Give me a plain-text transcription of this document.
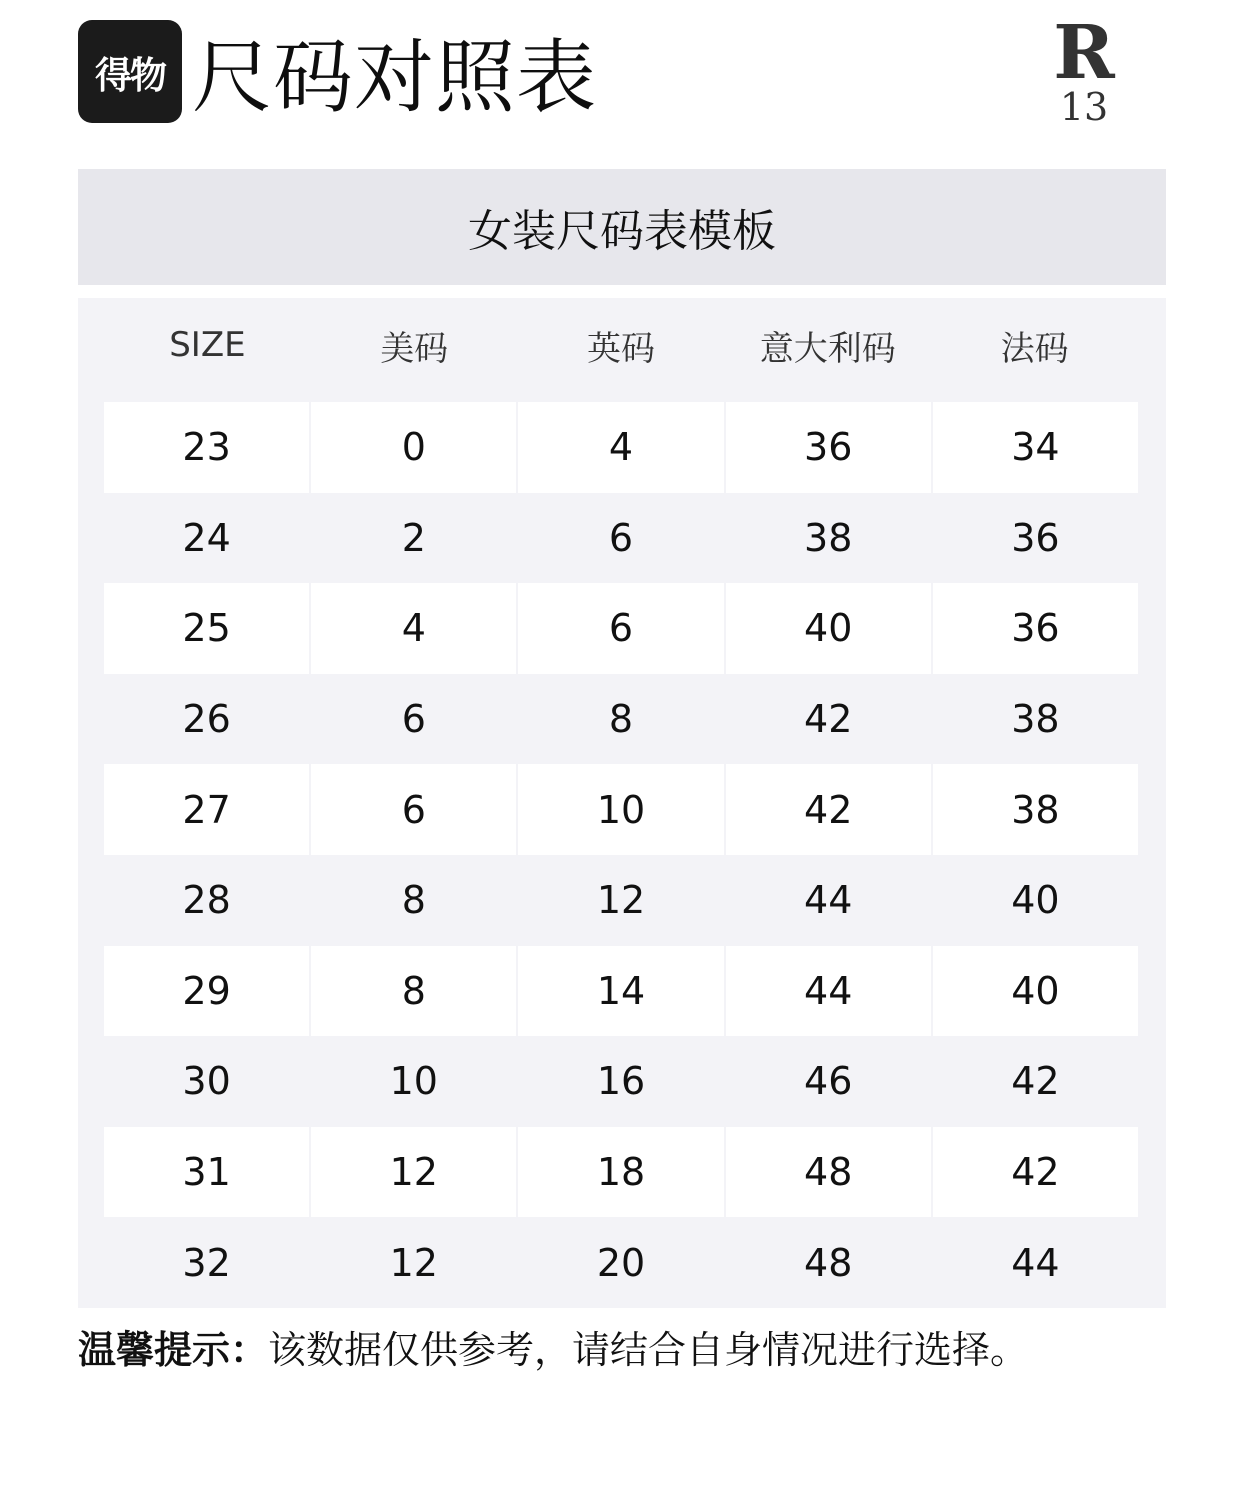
得物 尺码对照表	R
13
女装尺码表模板
SIZE	美码	英码	意大利码	法码
23	0	4	36	34
24	2	6	38	36
25	4	6	40	36
26	6	8	42	38
27	6	10	42	38
28	8	12	44	40
29	8	14	44	40
30	10	16	46	42
31	12	18	48	42
32	12	20	48	44
温馨提示：该数据仅供参考，请结合自身情况进行选择。
